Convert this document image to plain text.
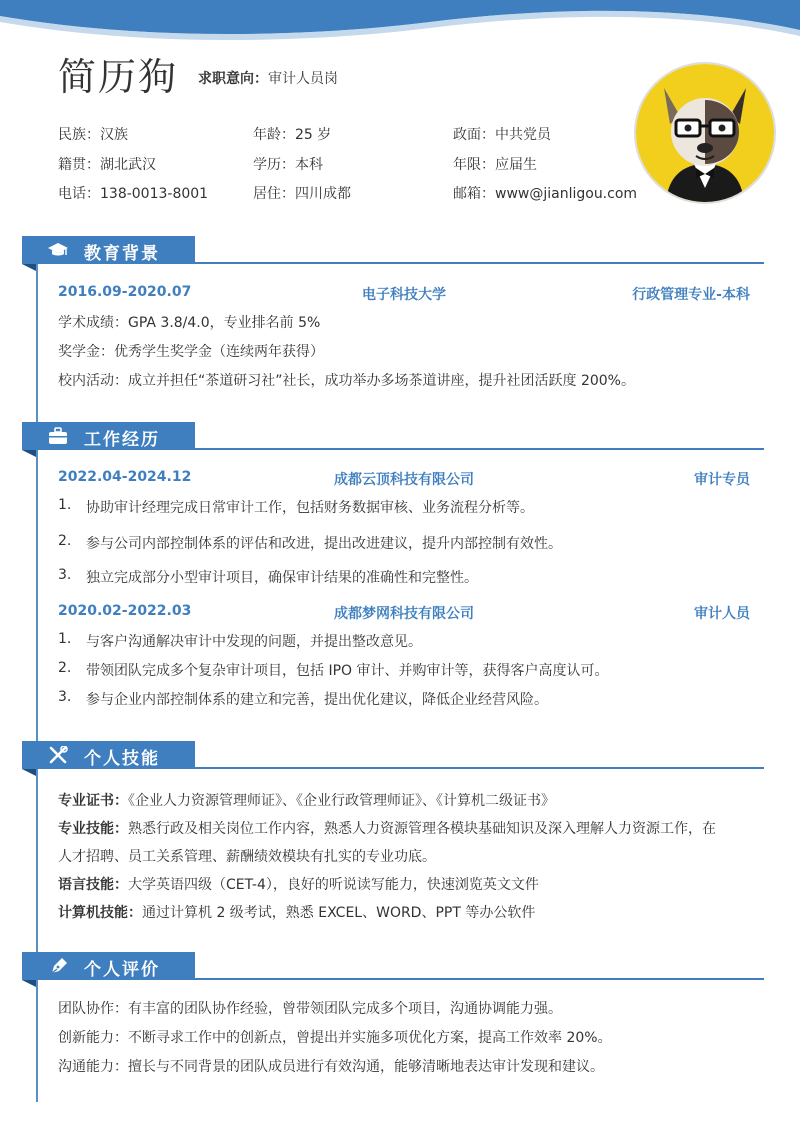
简历狗 求职意向：审计人员岗
民族：汉族	年龄：25 岁	政面：中共党员
籍贯：湖北武汉	学历：本科	年限：应届生
电话：138-0013-8001	居住：四川成都	邮箱：www@jianligou.com
教育背景
2016.09-2020.07	电子科技大学	行政管理专业-本科
学术成绩：GPA 3.8/4.0，专业排名前 5%
奖学金：优秀学生奖学金（连续两年获得）
校内活动：成立并担任“茶道研习社”社长，成功举办多场茶道讲座，提升社团活跃度 200%。
工作经历
2022.04-2024.12	成都云顶科技有限公司	审计专员
1. 协助审计经理完成日常审计工作，包括财务数据审核、业务流程分析等。
2. 参与公司内部控制体系的评估和改进，提出改进建议，提升内部控制有效性。
3. 独立完成部分小型审计项目，确保审计结果的准确性和完整性。
2020.02-2022.03	成都梦网科技有限公司	审计人员
1. 与客户沟通解决审计中发现的问题，并提出整改意见。
2. 带领团队完成多个复杂审计项目，包括 IPO 审计、并购审计等，获得客户高度认可。
3. 参与企业内部控制体系的建立和完善，提出优化建议，降低企业经营风险。
个人技能
专业证书：《企业人力资源管理师证》、《企业行政管理师证》、《计算机二级证书》
专业技能：熟悉行政及相关岗位工作内容，熟悉人力资源管理各模块基础知识及深入理解人力资源工作，在
人才招聘、员工关系管理、薪酬绩效模块有扎实的专业功底。
语言技能：大学英语四级（CET-4），良好的听说读写能力，快速浏览英文文件
计算机技能：通过计算机 2 级考试，熟悉 EXCEL、WORD、PPT 等办公软件
个人评价
团队协作：有丰富的团队协作经验，曾带领团队完成多个项目，沟通协调能力强。
创新能力：不断寻求工作中的创新点，曾提出并实施多项优化方案，提高工作效率 20%。
沟通能力：擅长与不同背景的团队成员进行有效沟通，能够清晰地表达审计发现和建议。
